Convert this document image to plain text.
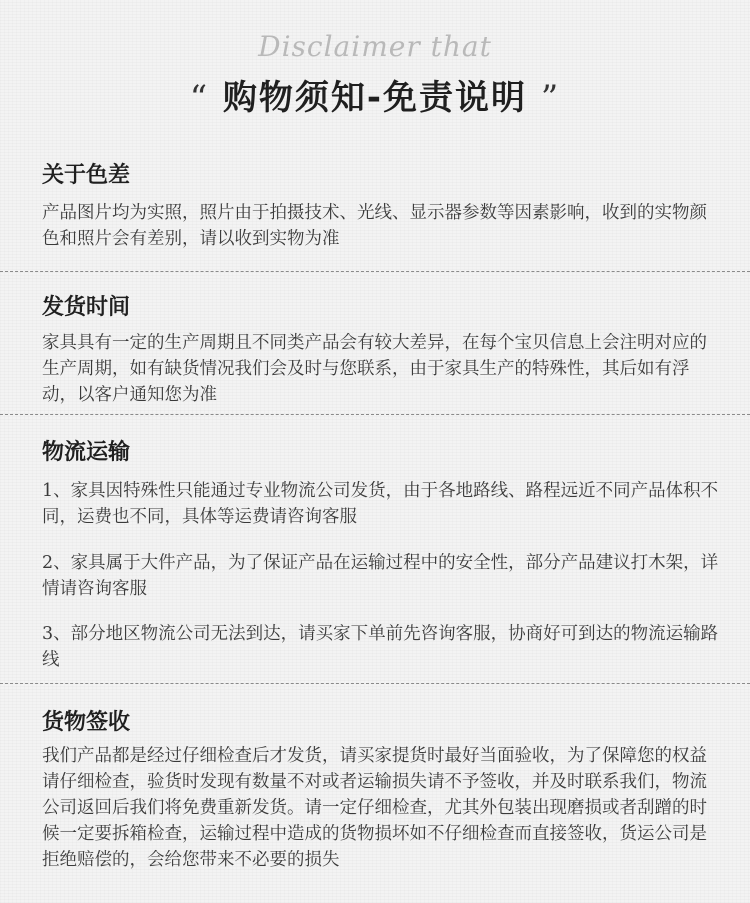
Disclaimer that
“ 购物须知-免责说明 ”
关于色差
产品图片均为实照，照片由于拍摄技术、光线、显示器参数等因素影响，收到的实物颜色和照片会有差别，请以收到实物为准
发货时间
家具具有一定的生产周期且不同类产品会有较大差异，在每个宝贝信息上会注明对应的生产周期，如有缺货情况我们会及时与您联系，由于家具生产的特殊性，其后如有浮动，以客户通知您为准
物流运输
1、家具因特殊性只能通过专业物流公司发货，由于各地路线、路程远近不同产品体积不同，运费也不同，具体等运费请咨询客服
2、家具属于大件产品，为了保证产品在运输过程中的安全性，部分产品建议打木架，详情请咨询客服
3、部分地区物流公司无法到达，请买家下单前先咨询客服，协商好可到达的物流运输路线
货物签收
我们产品都是经过仔细检查后才发货，请买家提货时最好当面验收，为了保障您的权益请仔细检查，验货时发现有数量不对或者运输损失请不予签收，并及时联系我们，物流公司返回后我们将免费重新发货。请一定仔细检查，尤其外包装出现磨损或者刮蹭的时候一定要拆箱检查，运输过程中造成的货物损坏如不仔细检查而直接签收，货运公司是拒绝赔偿的，会给您带来不必要的损失
